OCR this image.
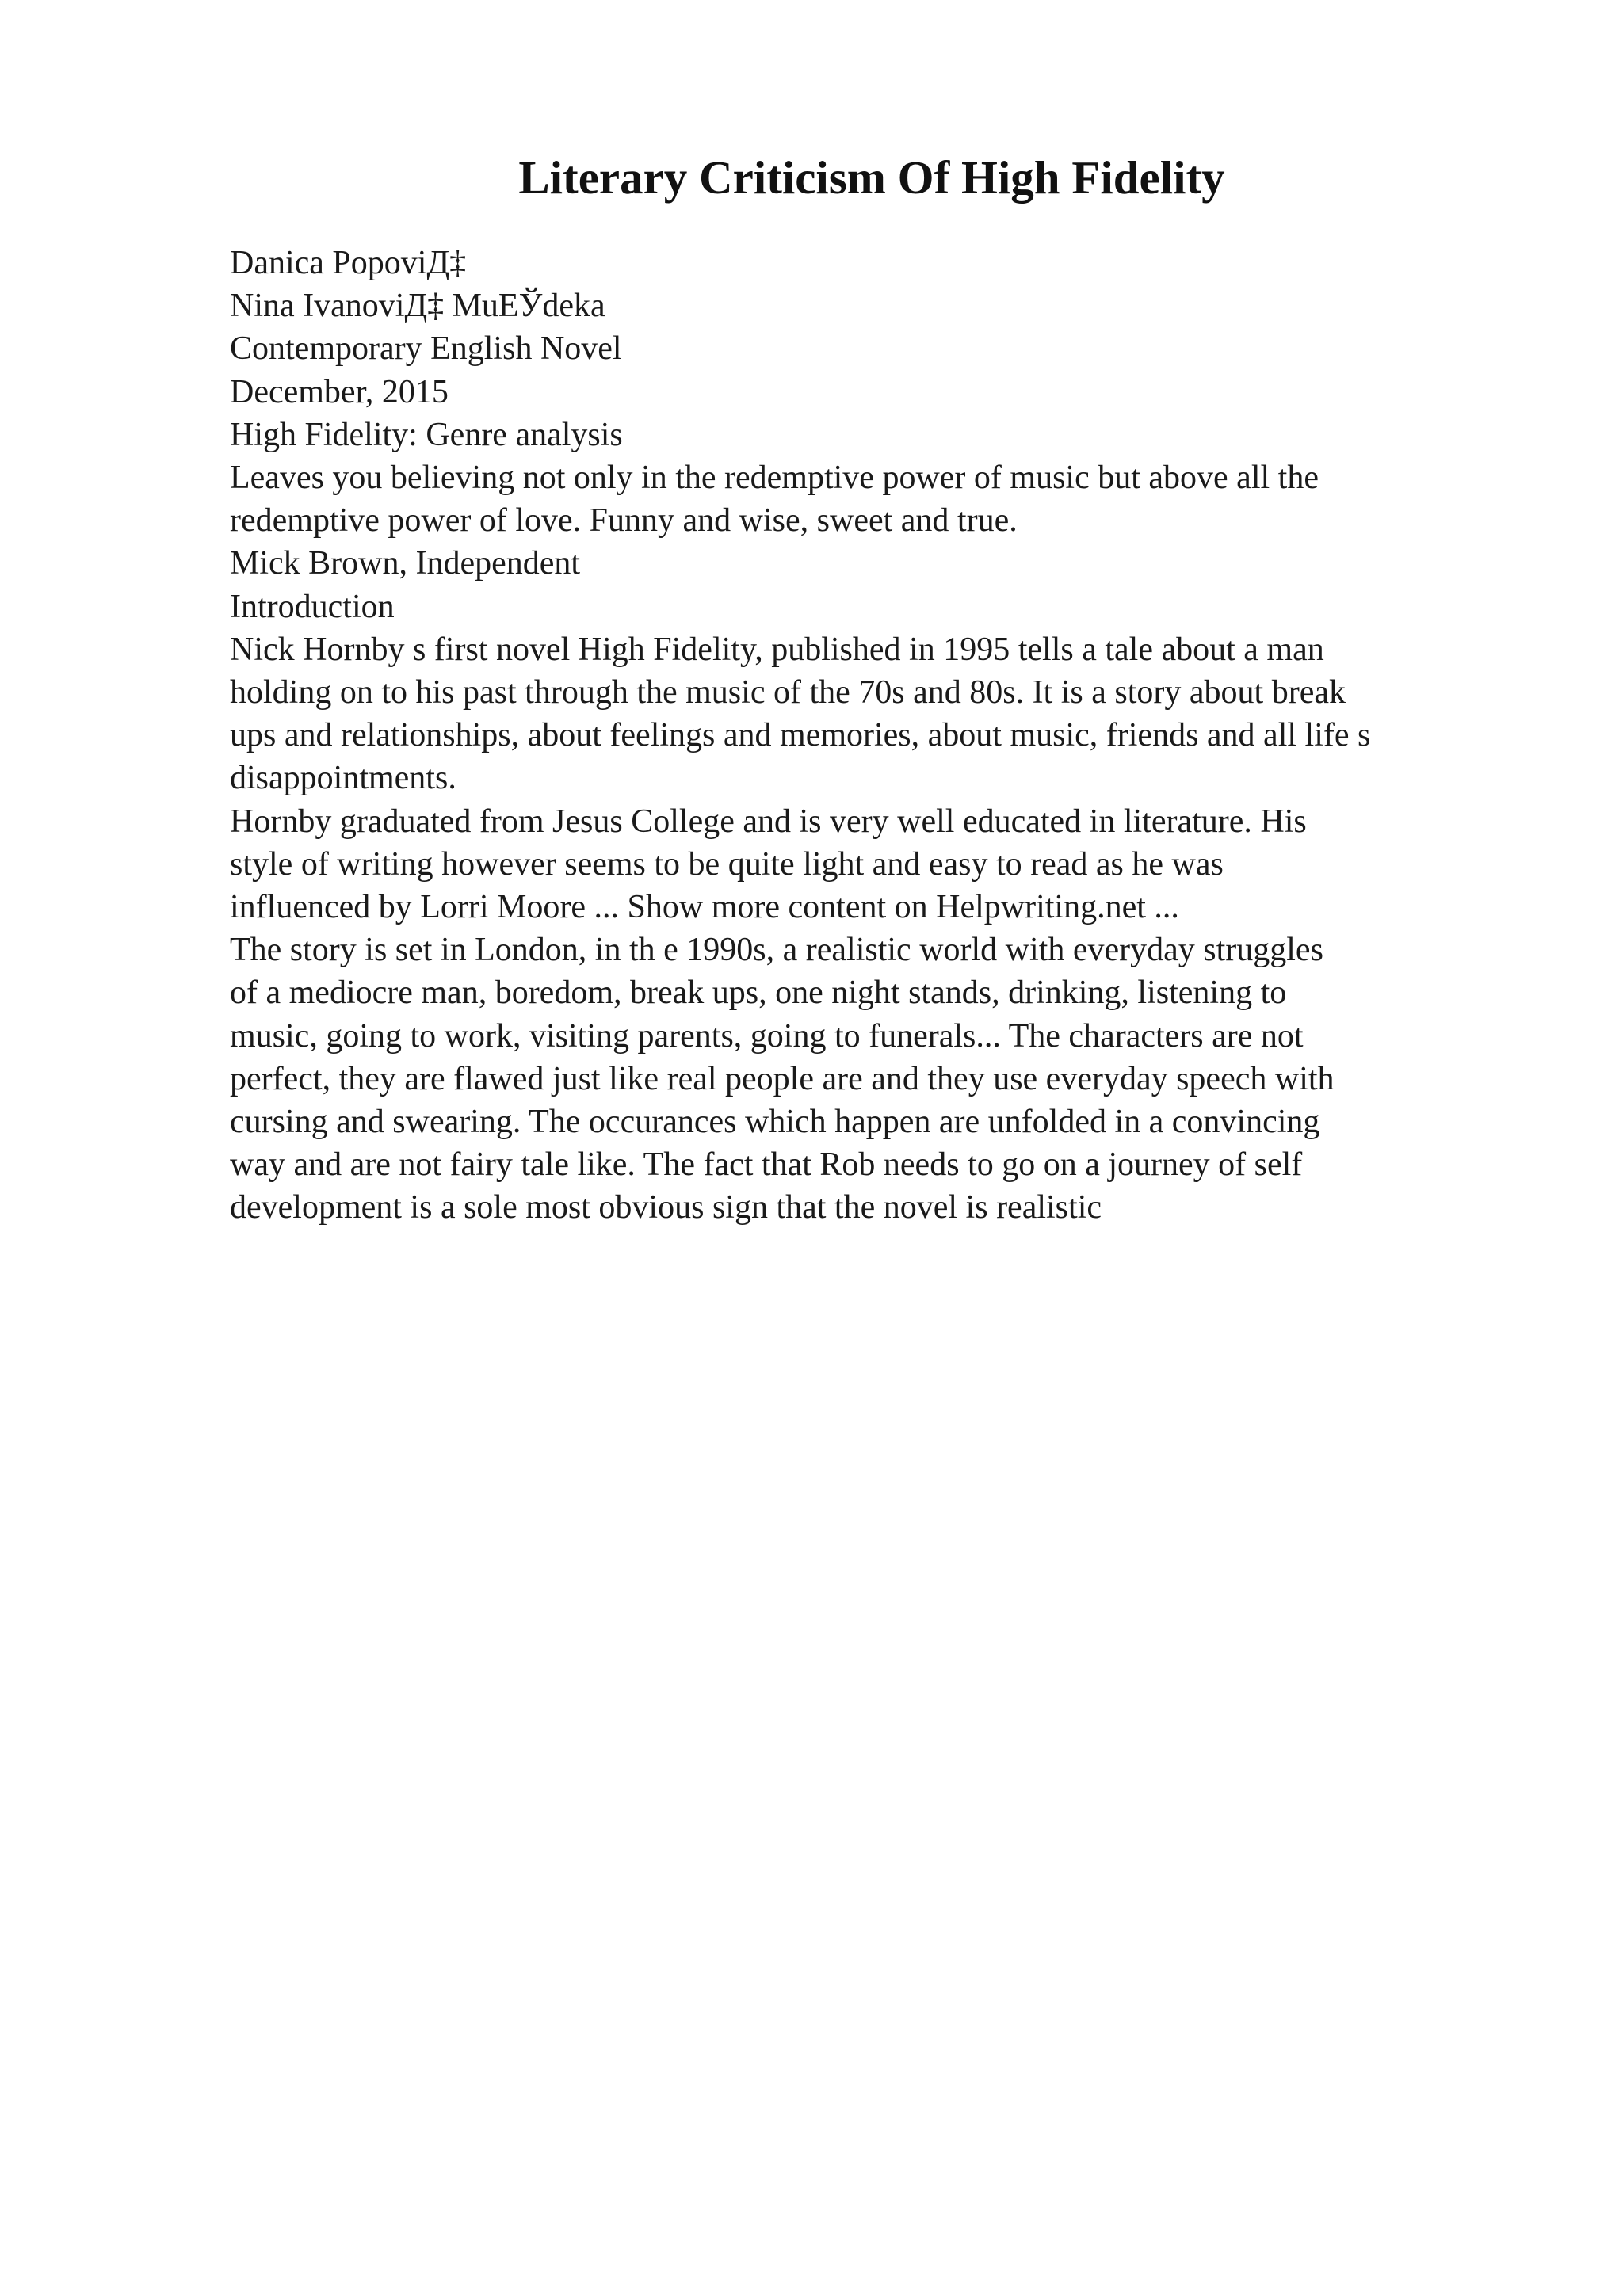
Literary Criticism Of High Fidelity
Danica PopoviД‡
Nina IvanoviД‡ MuЕЎdeka
Contemporary English Novel
December, 2015
High Fidelity: Genre analysis
Leaves you believing not only in the redemptive power of music but above all the
redemptive power of love. Funny and wise, sweet and true.
Mick Brown, Independent
Introduction
Nick Hornby s first novel High Fidelity, published in 1995 tells a tale about a man
holding on to his past through the music of the 70s and 80s. It is a story about break
ups and relationships, about feelings and memories, about music, friends and all life s
disappointments.
Hornby graduated from Jesus College and is very well educated in literature. His
style of writing however seems to be quite light and easy to read as he was
influenced by Lorri Moore ... Show more content on Helpwriting.net ...
The story is set in London, in th e 1990s, a realistic world with everyday struggles
of a mediocre man, boredom, break ups, one night stands, drinking, listening to
music, going to work, visiting parents, going to funerals... The characters are not
perfect, they are flawed just like real people are and they use everyday speech with
cursing and swearing. The occurances which happen are unfolded in a convincing
way and are not fairy tale like. The fact that Rob needs to go on a journey of self
development is a sole most obvious sign that the novel is realistic
